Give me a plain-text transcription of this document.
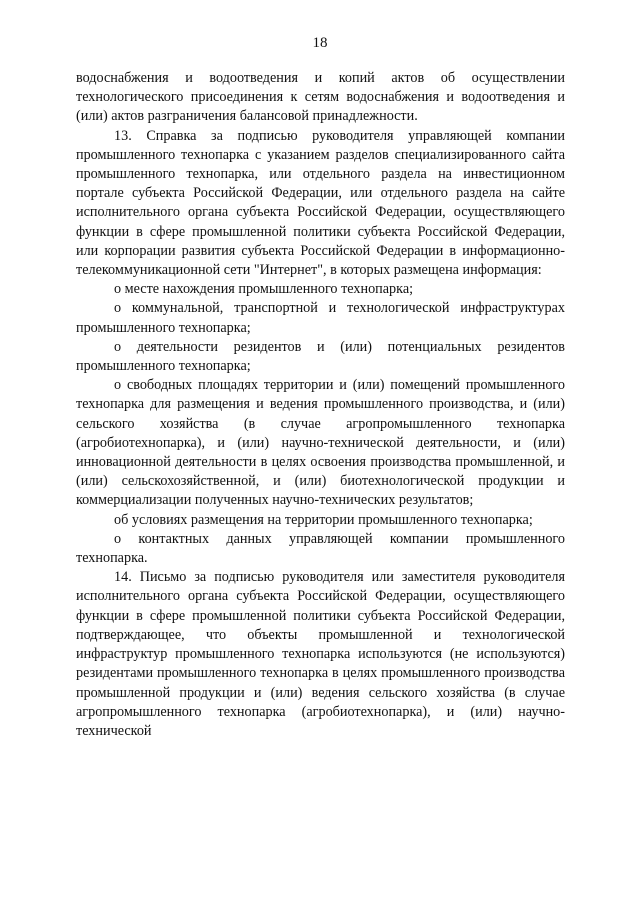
18

водоснабжения и водоотведения и копий актов об осуществлении технологического присоединения к сетям водоснабжения и водоотведения и (или) актов разграничения балансовой принадлежности.

13. Справка за подписью руководителя управляющей компании промышленного технопарка с указанием разделов специализированного сайта промышленного технопарка, или отдельного раздела на инвестиционном портале субъекта Российской Федерации, или отдельного раздела на сайте исполнительного органа субъекта Российской Федерации, осуществляющего функции в сфере промышленной политики субъекта Российской Федерации, или корпорации развития субъекта Российской Федерации в информационно-телекоммуникационной сети "Интернет", в которых размещена информация:

о месте нахождения промышленного технопарка;

о коммунальной, транспортной и технологической инфраструктурах промышленного технопарка;

о деятельности резидентов и (или) потенциальных резидентов промышленного технопарка;

о свободных площадях территории и (или) помещений промышленного технопарка для размещения и ведения промышленного производства, и (или) сельского хозяйства (в случае агропромышленного технопарка (агробиотехнопарка), и (или) научно-технической деятельности, и (или) инновационной деятельности в целях освоения производства промышленной, и (или) сельскохозяйственной, и (или) биотехнологической продукции и коммерциализации полученных научно-технических результатов;

об условиях размещения на территории промышленного технопарка;

о контактных данных управляющей компании промышленного технопарка.

14. Письмо за подписью руководителя или заместителя руководителя исполнительного органа субъекта Российской Федерации, осуществляющего функции в сфере промышленной политики субъекта Российской Федерации, подтверждающее, что объекты промышленной и технологической инфраструктур промышленного технопарка используются (не используются) резидентами промышленного технопарка в целях промышленного производства промышленной продукции и (или) ведения сельского хозяйства (в случае агропромышленного технопарка (агробиотехнопарка), и (или) научно-технической
